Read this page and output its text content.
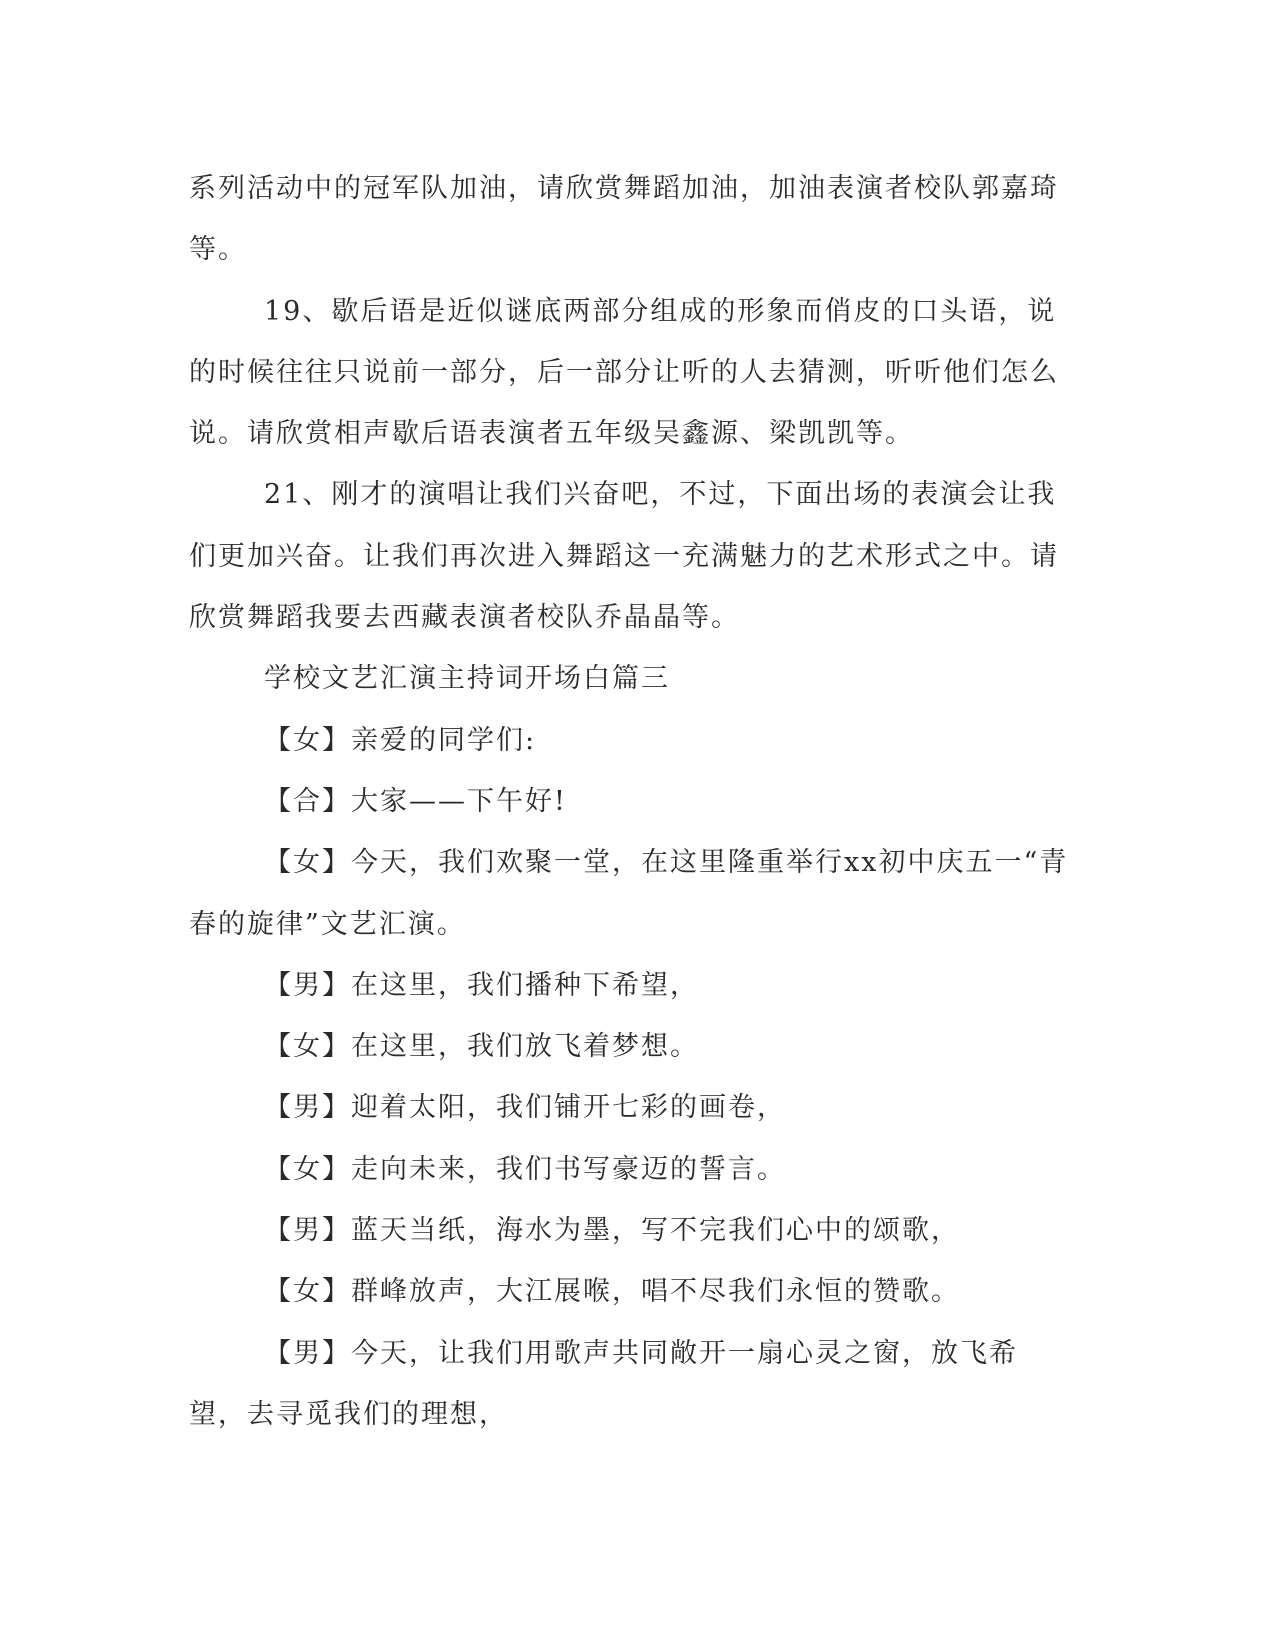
系列活动中的冠军队加油，请欣赏舞蹈加油，加油表演者校队郭嘉琦等。

19、歇后语是近似谜底两部分组成的形象而俏皮的口头语，说的时候往往只说前一部分，后一部分让听的人去猜测，听听他们怎么说。请欣赏相声歇后语表演者五年级吴鑫源、梁凯凯等。

21、刚才的演唱让我们兴奋吧，不过，下面出场的表演会让我们更加兴奋。让我们再次进入舞蹈这一充满魅力的艺术形式之中。请欣赏舞蹈我要去西藏表演者校队乔晶晶等。

学校文艺汇演主持词开场白篇三

【女】亲爱的同学们:

【合】大家——下午好!

【女】今天，我们欢聚一堂，在这里隆重举行xx初中庆五一“青春的旋律”文艺汇演。

【男】在这里，我们播种下希望，

【女】在这里，我们放飞着梦想。

【男】迎着太阳，我们铺开七彩的画卷，

【女】走向未来，我们书写豪迈的誓言。

【男】蓝天当纸，海水为墨，写不完我们心中的颂歌，

【女】群峰放声，大江展喉，唱不尽我们永恒的赞歌。

【男】今天，让我们用歌声共同敞开一扇心灵之窗，放飞希望，去寻觅我们的理想，
